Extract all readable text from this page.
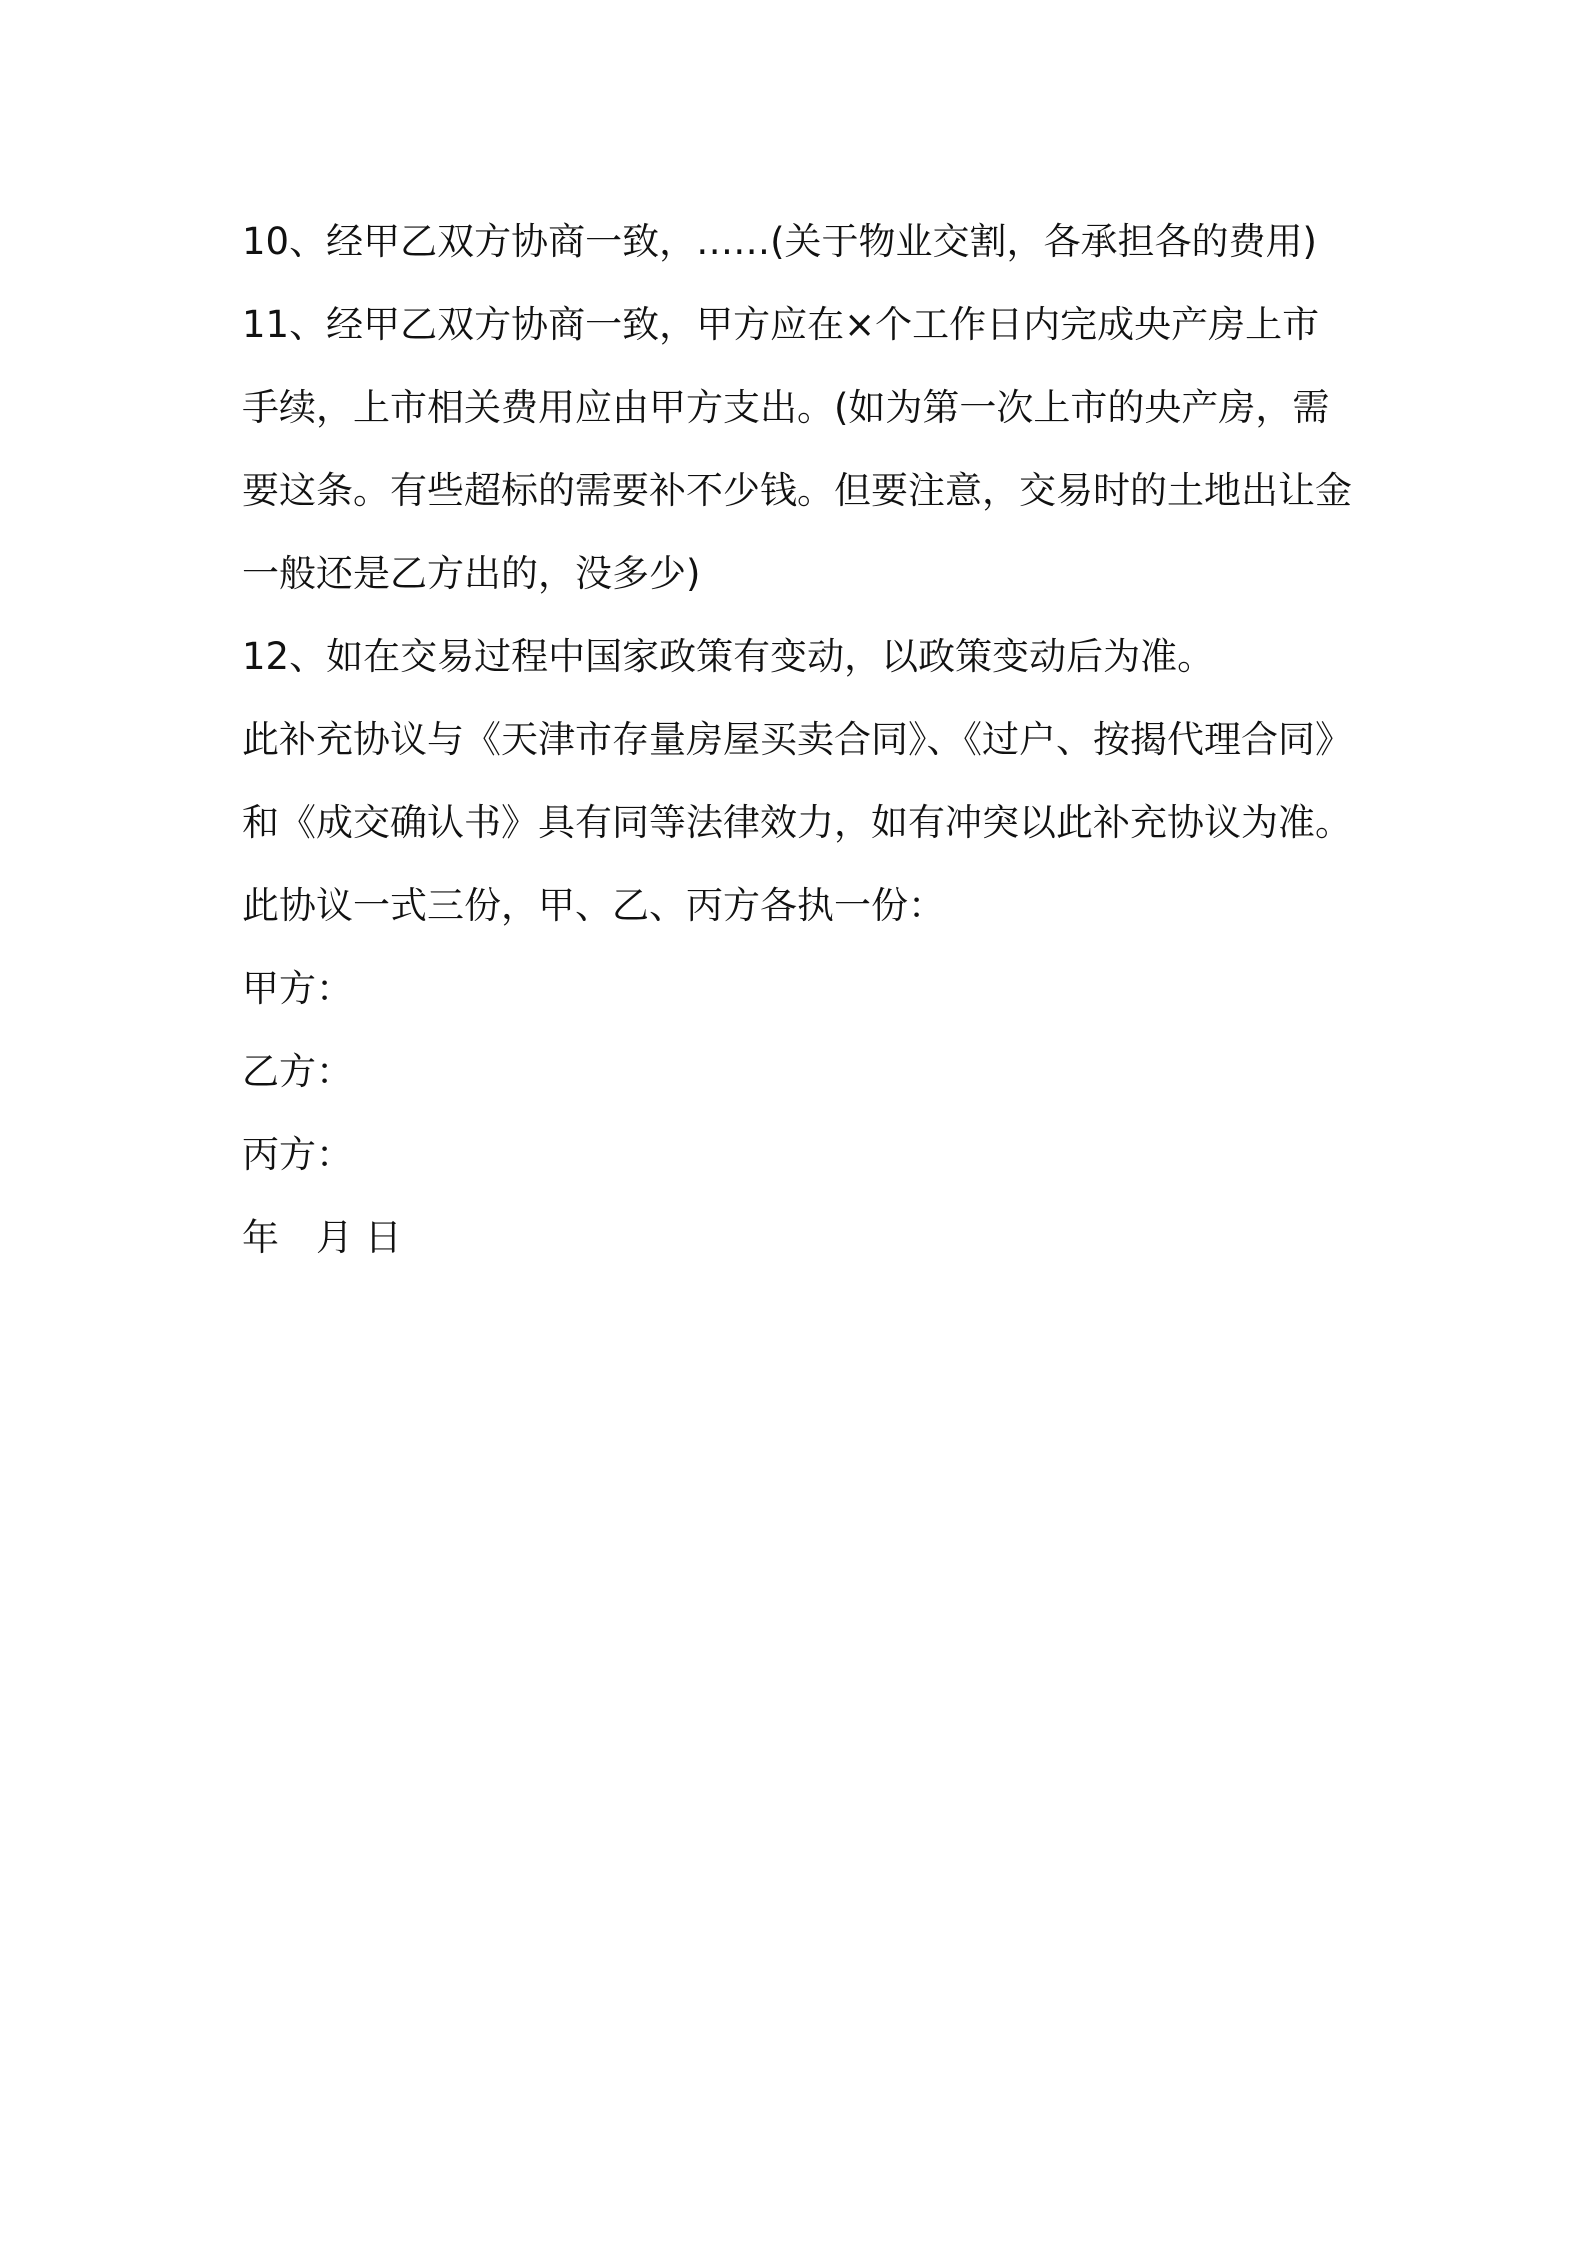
10、经甲乙双方协商一致，……(关于物业交割，各承担各的费用)

11、经甲乙双方协商一致，甲方应在×个工作日内完成央产房上市
手续，上市相关费用应由甲方支出。(如为第一次上市的央产房，需
要这条。有些超标的需要补不少钱。但要注意，交易时的土地出让金
一般还是乙方出的，没多少)

12、如在交易过程中国家政策有变动，以政策变动后为准。

此补充协议与《天津市存量房屋买卖合同》、《过户、按揭代理合同》
和《成交确认书》具有同等法律效力，如有冲突以此补充协议为准。

此协议一式三份，甲、乙、丙方各执一份：

甲方：
乙方：
丙方：
年　月 日
